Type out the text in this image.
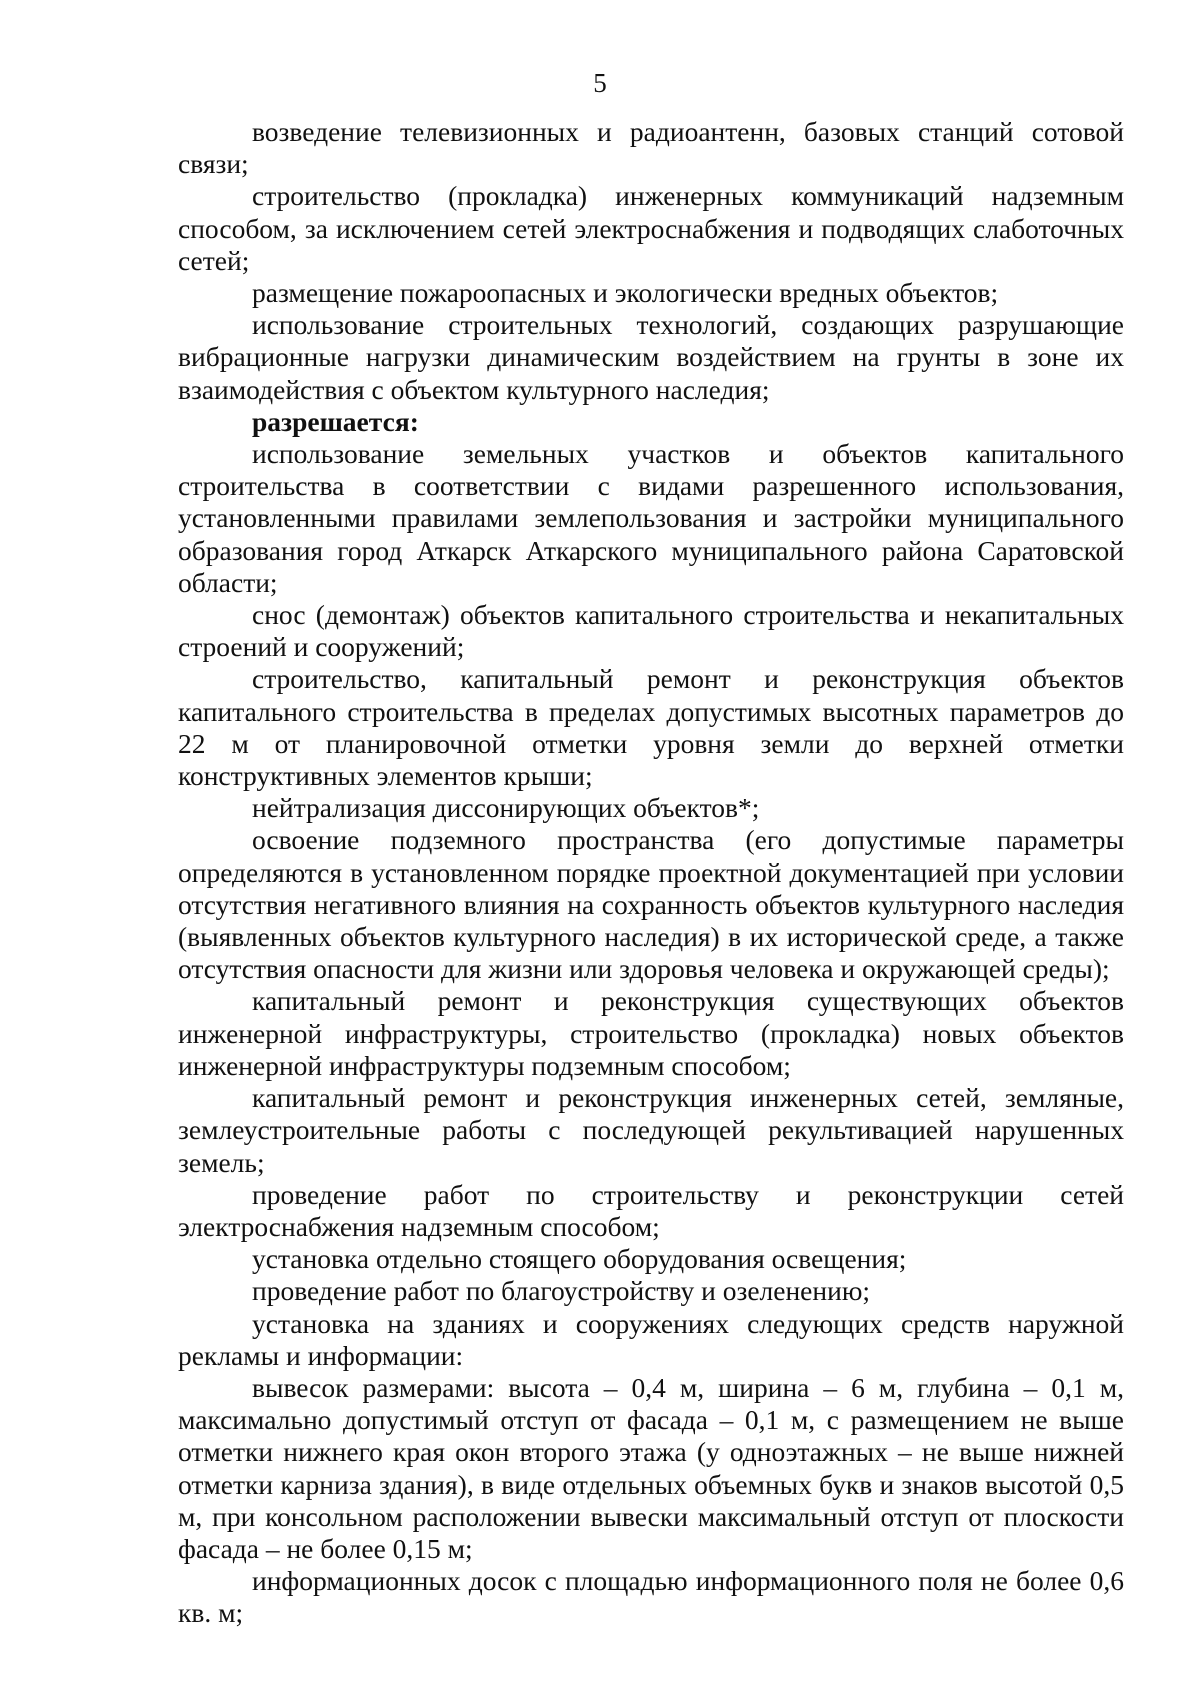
5

возведение телевизионных и радиоантенн, базовых станций сотовой связи;

строительство (прокладка) инженерных коммуникаций надземным способом, за исключением сетей электроснабжения и подводящих слаботочных сетей;

размещение пожароопасных и экологически вредных объектов;

использование строительных технологий, создающих разрушающие вибрационные нагрузки динамическим воздействием на грунты в зоне их взаимодействия с объектом культурного наследия;

разрешается:

использование земельных участков и объектов капитального строительства в соответствии с видами разрешенного использования, установленными правилами землепользования и застройки муниципального образования город Аткарск Аткарского муниципального района Саратовской области;

снос (демонтаж) объектов капитального строительства и некапитальных строений и сооружений;

строительство, капитальный ремонт и реконструкция объектов капитального строительства в пределах допустимых высотных параметров до 22 м от планировочной отметки уровня земли до верхней отметки конструктивных элементов крыши;

нейтрализация диссонирующих объектов*;

освоение подземного пространства (его допустимые параметры определяются в установленном порядке проектной документацией при условии отсутствия негативного влияния на сохранность объектов культурного наследия (выявленных объектов культурного наследия) в их исторической среде, а также отсутствия опасности для жизни или здоровья человека и окружающей среды);

капитальный ремонт и реконструкция существующих объектов инженерной инфраструктуры, строительство (прокладка) новых объектов инженерной инфраструктуры подземным способом;

капитальный ремонт и реконструкция инженерных сетей, земляные, землеустроительные работы с последующей рекультивацией нарушенных земель;

проведение работ по строительству и реконструкции сетей электроснабжения надземным способом;

установка отдельно стоящего оборудования освещения;

проведение работ по благоустройству и озеленению;

установка на зданиях и сооружениях следующих средств наружной рекламы и информации:

вывесок размерами: высота – 0,4 м, ширина – 6 м, глубина – 0,1 м, максимально допустимый отступ от фасада – 0,1 м, с размещением не выше отметки нижнего края окон второго этажа (у одноэтажных – не выше нижней отметки карниза здания), в виде отдельных объемных букв и знаков высотой 0,5 м, при консольном расположении вывески максимальный отступ от плоскости фасада – не более 0,15 м;

информационных досок с площадью информационного поля не более 0,6 кв. м;
